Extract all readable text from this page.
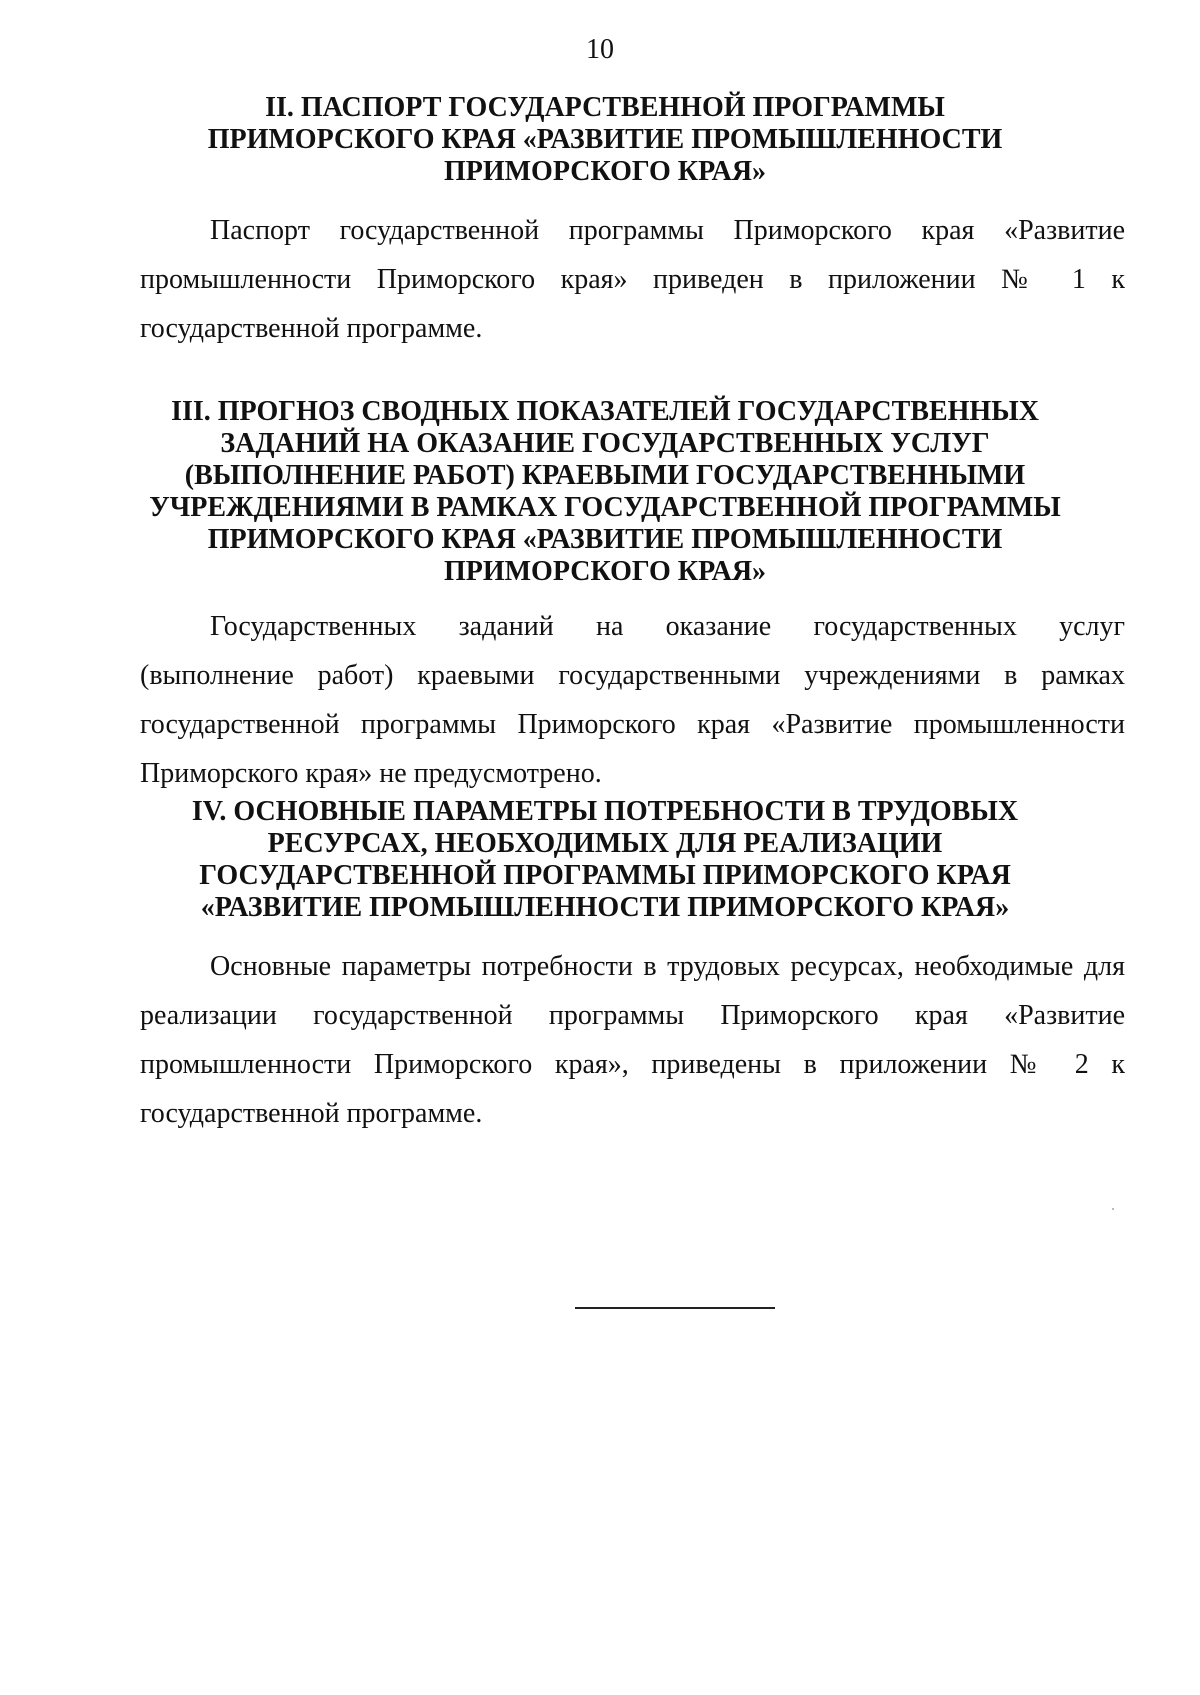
10
II. ПАСПОРТ ГОСУДАРСТВЕННОЙ ПРОГРАММЫ
ПРИМОРСКОГО КРАЯ «РАЗВИТИЕ ПРОМЫШЛЕННОСТИ
ПРИМОРСКОГО КРАЯ»
Паспорт государственной программы Приморского края «Развитие
промышленности Приморского края» приведен в приложении № 1 к
государственной программе.
III. ПРОГНОЗ СВОДНЫХ ПОКАЗАТЕЛЕЙ ГОСУДАРСТВЕННЫХ
ЗАДАНИЙ НА ОКАЗАНИЕ ГОСУДАРСТВЕННЫХ УСЛУГ
(ВЫПОЛНЕНИЕ РАБОТ) КРАЕВЫМИ ГОСУДАРСТВЕННЫМИ
УЧРЕЖДЕНИЯМИ В РАМКАХ ГОСУДАРСТВЕННОЙ ПРОГРАММЫ
ПРИМОРСКОГО КРАЯ «РАЗВИТИЕ ПРОМЫШЛЕННОСТИ
ПРИМОРСКОГО КРАЯ»
Государственных заданий на оказание государственных услуг
(выполнение работ) краевыми государственными учреждениями в рамках
государственной программы Приморского края «Развитие промышленности
Приморского края» не предусмотрено.
IV. ОСНОВНЫЕ ПАРАМЕТРЫ ПОТРЕБНОСТИ В ТРУДОВЫХ
РЕСУРСАХ, НЕОБХОДИМЫХ ДЛЯ РЕАЛИЗАЦИИ
ГОСУДАРСТВЕННОЙ ПРОГРАММЫ ПРИМОРСКОГО КРАЯ
«РАЗВИТИЕ ПРОМЫШЛЕННОСТИ ПРИМОРСКОГО КРАЯ»
Основные параметры потребности в трудовых ресурсах, необходимые для
реализации государственной программы Приморского края «Развитие
промышленности Приморского края», приведены в приложении № 2 к
государственной программе.
